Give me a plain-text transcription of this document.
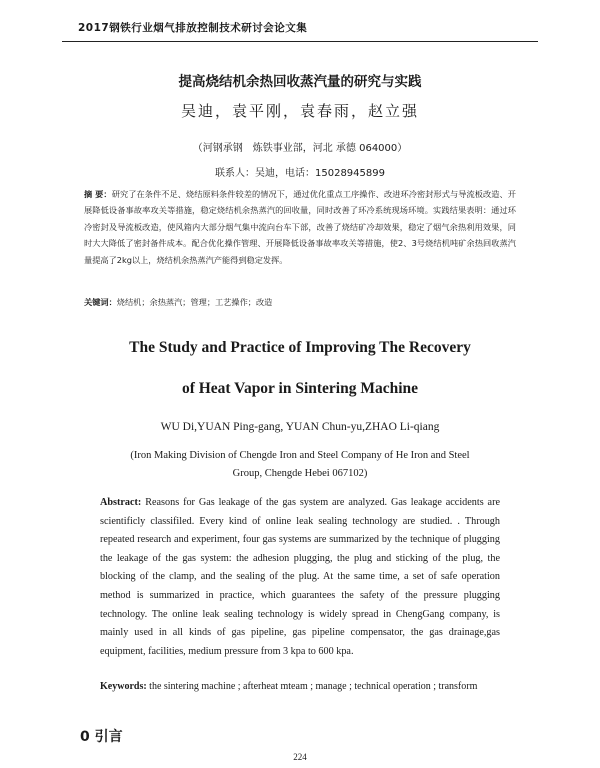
2017钢铁行业烟气排放控制技术研讨会论文集
提高烧结机余热回收蒸汽量的研究与实践
吴迪，袁平刚，袁春雨，赵立强
（河钢承钢　炼铁事业部，河北 承德 064000）
联系人：吴迪，电话：15028945899
摘 要：研究了在条件不足、烧结原料条件较差的情况下，通过优化重点工序操作、改进环冷密封形式与导流板改造、开展降低设备事故率攻关等措施，稳定烧结机余热蒸汽的回收量，同时改善了环冷系统现场环境。实践结果表明：通过环冷密封及导流板改造，使风箱内大部分烟气集中流向台车下部，改善了烧结矿冷却效果，稳定了烟气余热利用效果，同时大大降低了密封备件成本。配合优化操作管理、开展降低设备事故率攻关等措施，使2、3号烧结机吨矿余热回收蒸汽量提高了2kg以上，烧结机余热蒸汽产能得到稳定发挥。
关键词：烧结机；余热蒸汽；管理；工艺操作；改造
The Study and Practice of Improving The Recovery
of Heat Vapor in Sintering Machine
WU Di,YUAN Ping-gang, YUAN Chun-yu,ZHAO Li-qiang
(Iron Making Division of Chengde Iron and Steel Company of He Iron and Steel Group, Chengde Hebei 067102)
Abstract: Reasons for Gas leakage of the gas system are analyzed. Gas leakage accidents are scientificly classifiled. Every kind of online leak sealing technology are studied. . Through repeated research and experiment, four gas systems are summarized by the technique of plugging the leakage of the gas system: the adhesion plugging, the plug and sticking of the plug, the blocking of the clamp, and the sealing of the plug. At the same time, a set of safe operation method is summarized in practice, which guarantees the safety of the pressure plugging technology. The online leak sealing technology is widely spread in ChengGang company, is mainly used in all kinds of gas pipeline, gas pipeline compensator, the gas drainage,gas equipment, facilities, medium pressure from 3 kpa to 600 kpa.
Keywords: the sintering machine ; afterheat mteam ; manage ; technical operation ; transform
0 引言
224
